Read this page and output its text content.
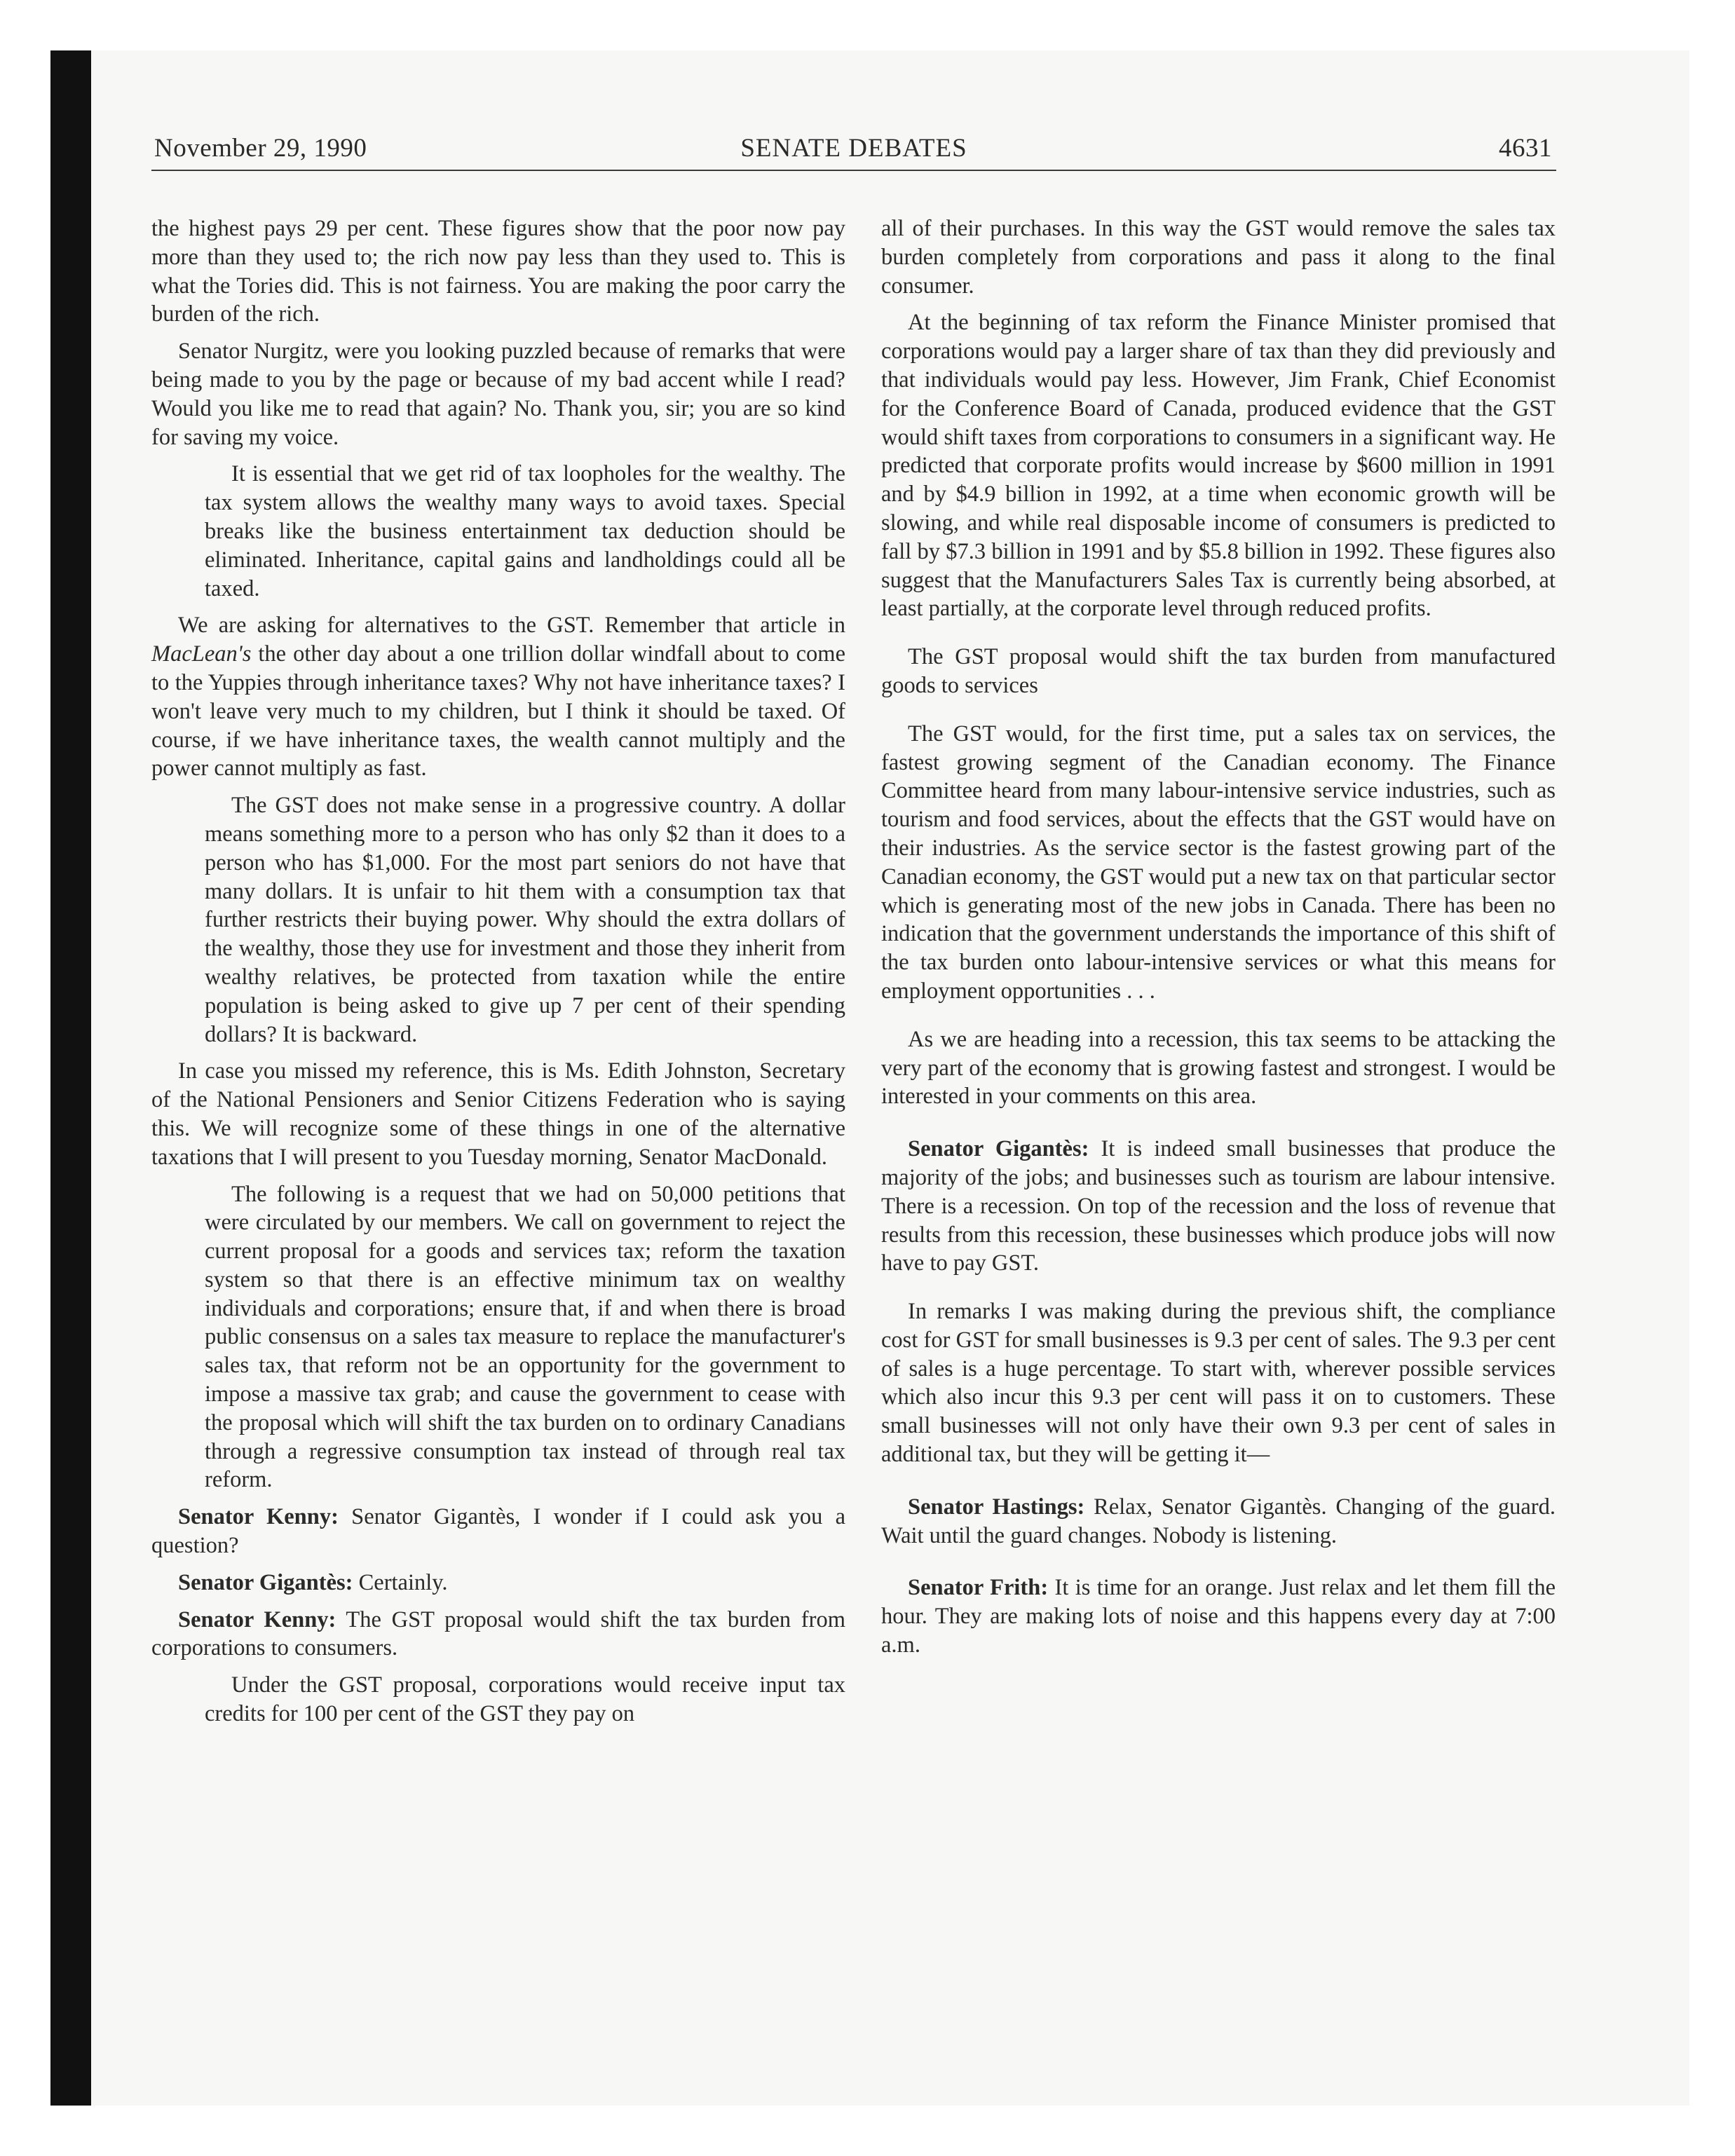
November 29, 1990	SENATE DEBATES	4631

the highest pays 29 per cent. These figures show that the poor now pay more than they used to; the rich now pay less than they used to. This is what the Tories did. This is not fairness. You are making the poor carry the burden of the rich.

Senator Nurgitz, were you looking puzzled because of remarks that were being made to you by the page or because of my bad accent while I read? Would you like me to read that again? No. Thank you, sir; you are so kind for saving my voice.

It is essential that we get rid of tax loopholes for the wealthy. The tax system allows the wealthy many ways to avoid taxes. Special breaks like the business entertainment tax deduction should be eliminated. Inheritance, capital gains and landholdings could all be taxed.

We are asking for alternatives to the GST. Remember that article in MacLean's the other day about a one trillion dollar windfall about to come to the Yuppies through inheritance taxes? Why not have inheritance taxes? I won't leave very much to my children, but I think it should be taxed. Of course, if we have inheritance taxes, the wealth cannot multiply and the power cannot multiply as fast.

The GST does not make sense in a progressive country. A dollar means something more to a person who has only $2 than it does to a person who has $1,000. For the most part seniors do not have that many dollars. It is unfair to hit them with a consumption tax that further restricts their buying power. Why should the extra dollars of the wealthy, those they use for investment and those they inherit from wealthy relatives, be protected from taxation while the entire population is being asked to give up 7 per cent of their spending dollars? It is backward.

In case you missed my reference, this is Ms. Edith Johnston, Secretary of the National Pensioners and Senior Citizens Federation who is saying this. We will recognize some of these things in one of the alternative taxations that I will present to you Tuesday morning, Senator MacDonald.

The following is a request that we had on 50,000 petitions that were circulated by our members. We call on government to reject the current proposal for a goods and services tax; reform the taxation system so that there is an effective minimum tax on wealthy individuals and corporations; ensure that, if and when there is broad public consensus on a sales tax measure to replace the manufacturer's sales tax, that reform not be an opportunity for the government to impose a massive tax grab; and cause the government to cease with the proposal which will shift the tax burden on to ordinary Canadians through a regressive consumption tax instead of through real tax reform.

Senator Kenny: Senator Gigantès, I wonder if I could ask you a question?

Senator Gigantès: Certainly.

Senator Kenny: The GST proposal would shift the tax burden from corporations to consumers.

Under the GST proposal, corporations would receive input tax credits for 100 per cent of the GST they pay on

all of their purchases. In this way the GST would remove the sales tax burden completely from corporations and pass it along to the final consumer.

At the beginning of tax reform the Finance Minister promised that corporations would pay a larger share of tax than they did previously and that individuals would pay less. However, Jim Frank, Chief Economist for the Conference Board of Canada, produced evidence that the GST would shift taxes from corporations to consumers in a significant way. He predicted that corporate profits would increase by $600 million in 1991 and by $4.9 billion in 1992, at a time when economic growth will be slowing, and while real disposable income of consumers is predicted to fall by $7.3 billion in 1991 and by $5.8 billion in 1992. These figures also suggest that the Manufacturers Sales Tax is currently being absorbed, at least partially, at the corporate level through reduced profits.

The GST proposal would shift the tax burden from manufactured goods to services

The GST would, for the first time, put a sales tax on services, the fastest growing segment of the Canadian economy. The Finance Committee heard from many labour-intensive service industries, such as tourism and food services, about the effects that the GST would have on their industries. As the service sector is the fastest growing part of the Canadian economy, the GST would put a new tax on that particular sector which is generating most of the new jobs in Canada. There has been no indication that the government understands the importance of this shift of the tax burden onto labour-intensive services or what this means for employment opportunities . . .

As we are heading into a recession, this tax seems to be attacking the very part of the economy that is growing fastest and strongest. I would be interested in your comments on this area.

Senator Gigantès: It is indeed small businesses that produce the majority of the jobs; and businesses such as tourism are labour intensive. There is a recession. On top of the recession and the loss of revenue that results from this recession, these businesses which produce jobs will now have to pay GST.

In remarks I was making during the previous shift, the compliance cost for GST for small businesses is 9.3 per cent of sales. The 9.3 per cent of sales is a huge percentage. To start with, wherever possible services which also incur this 9.3 per cent will pass it on to customers. These small businesses will not only have their own 9.3 per cent of sales in additional tax, but they will be getting it—

Senator Hastings: Relax, Senator Gigantès. Changing of the guard. Wait until the guard changes. Nobody is listening.

Senator Frith: It is time for an orange. Just relax and let them fill the hour. They are making lots of noise and this happens every day at 7:00 a.m.
